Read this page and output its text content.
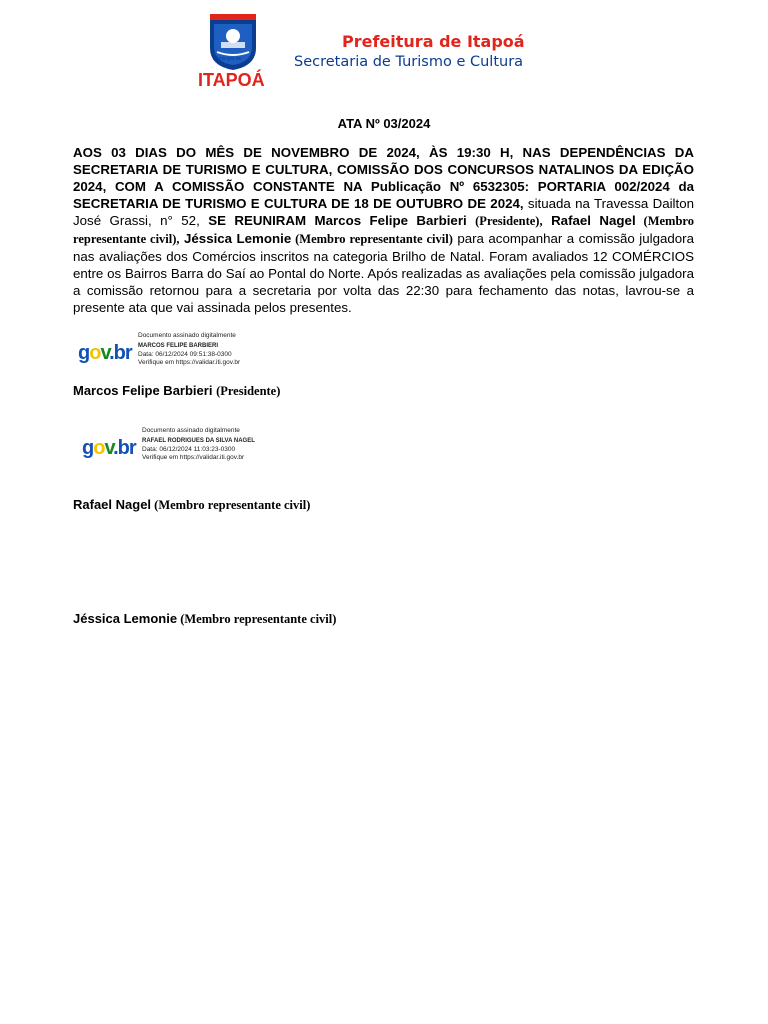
Município de
ITAPOÁ
Prefeitura de Itapoá
Secretaria de Turismo e Cultura
ATA Nº 03/2024
AOS 03 DIAS DO MÊS DE NOVEMBRO DE 2024, ÀS 19:30 H, NAS DEPENDÊNCIAS DA SECRETARIA DE TURISMO E CULTURA, COMISSÃO DOS CONCURSOS NATALINOS DA EDIÇÃO 2024, COM A COMISSÃO CONSTANTE NA Publicação Nº 6532305: PORTARIA 002/2024 da SECRETARIA DE TURISMO E CULTURA DE 18 DE OUTUBRO DE 2024, situada na Travessa Dailton José Grassi, n° 52, SE REUNIRAM Marcos Felipe Barbieri (Presidente), Rafael Nagel (Membro representante civil), Jéssica Lemonie (Membro representante civil) para acompanhar a comissão julgadora nas avaliações dos Comércios inscritos na categoria Brilho de Natal. Foram avaliados 12 COMÉRCIOS entre os Bairros Barra do Saí ao Pontal do Norte. Após realizadas as avaliações pela comissão julgadora a comissão retornou para a secretaria por volta das 22:30 para fechamento das notas, lavrou-se a presente ata que vai assinada pelos presentes.
gov.br
Documento assinado digitalmente
MARCOS FELIPE BARBIERI
Data: 06/12/2024 09:51:38-0300
Verifique em https://validar.iti.gov.br
Marcos Felipe Barbieri (Presidente)
gov.br
Documento assinado digitalmente
RAFAEL RODRIGUES DA SILVA NAGEL
Data: 06/12/2024 11:03:23-0300
Verifique em https://validar.iti.gov.br
Rafael Nagel (Membro representante civil)
Jéssica Lemonie (Membro representante civil)
